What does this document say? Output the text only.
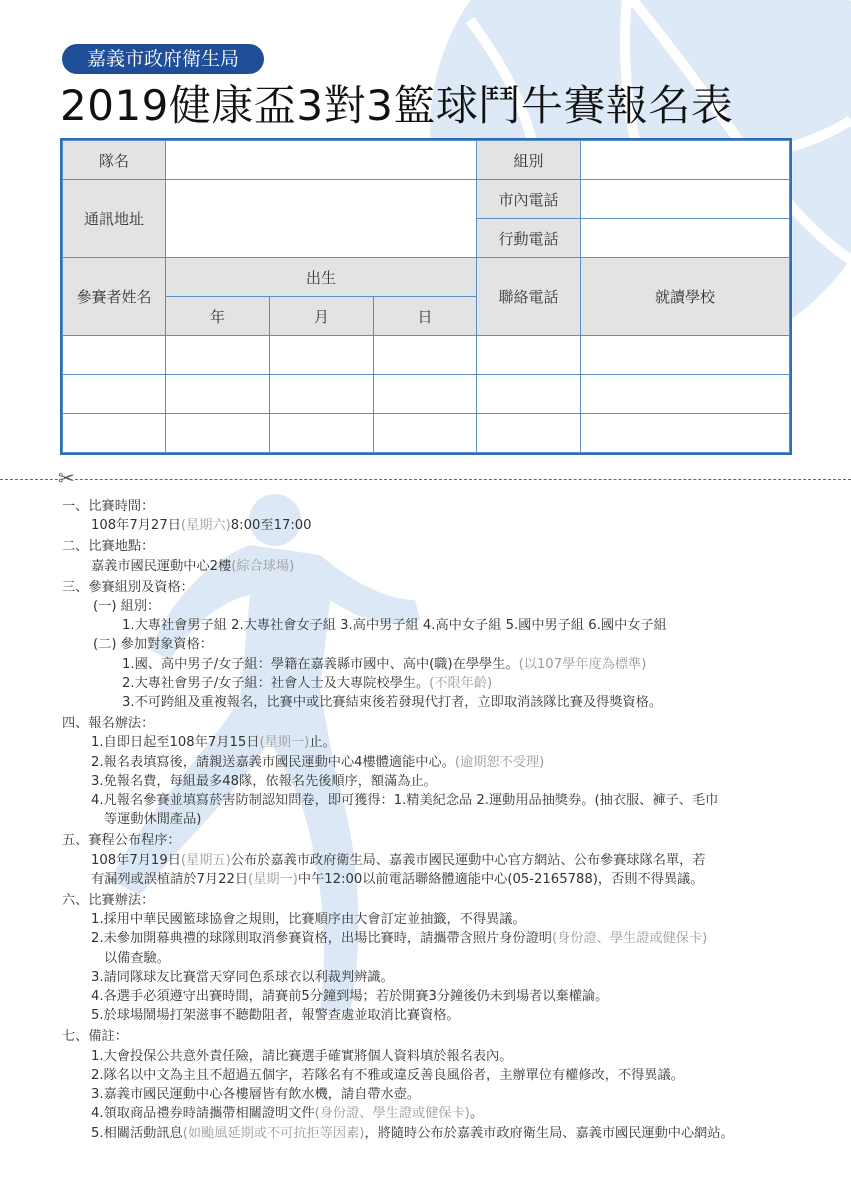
嘉義市政府衛生局
2019健康盃3對3籃球鬥牛賽報名表
隊名				組別	
通訊地址				市內電話	
				行動電話	
參賽者姓名	出生			聯絡電話	就讀學校
	年	月	日		

✂
一、比賽時間：
108年7月27日(星期六)8:00至17:00
二、比賽地點：
嘉義市國民運動中心2樓(綜合球場)
三、參賽組別及資格：
(一) 組別：
1.大專社會男子組 2.大專社會女子組 3.高中男子組 4.高中女子組 5.國中男子組 6.國中女子組
(二) 參加對象資格：
1.國、高中男子/女子組：學籍在嘉義縣市國中、高中(職)在學學生。(以107學年度為標準)
2.大專社會男子/女子組：社會人士及大專院校學生。(不限年齡)
3.不可跨組及重複報名，比賽中或比賽結束後若發現代打者，立即取消該隊比賽及得獎資格。
四、報名辦法：
1.自即日起至108年7月15日(星期一)止。
2.報名表填寫後，請親送嘉義市國民運動中心4樓體適能中心。(逾期恕不受理)
3.免報名費，每組最多48隊，依報名先後順序，額滿為止。
4.凡報名參賽並填寫菸害防制認知問卷，即可獲得：1.精美紀念品 2.運動用品抽獎券。(抽衣服、褲子、毛巾
等運動休閒產品)
五、賽程公布程序：
108年7月19日(星期五)公布於嘉義市政府衛生局、嘉義市國民運動中心官方網站、公布參賽球隊名單，若
有漏列或誤植請於7月22日(星期一)中午12:00以前電話聯絡體適能中心(05-2165788)，否則不得異議。
六、比賽辦法：
1.採用中華民國籃球協會之規則，比賽順序由大會訂定並抽籤，不得異議。
2.未參加開幕典禮的球隊則取消參賽資格，出場比賽時，請攜帶含照片身份證明(身份證、學生證或健保卡)
以備查驗。
3.請同隊球友比賽當天穿同色系球衣以利裁判辨識。
4.各選手必須遵守出賽時間，請賽前5分鐘到場；若於開賽3分鐘後仍未到場者以棄權論。
5.於球場鬧場打架滋事不聽勸阻者，報警查處並取消比賽資格。
七、備註：
1.大會投保公共意外責任險，請比賽選手確實將個人資料填於報名表內。
2.隊名以中文為主且不超過五個字，若隊名有不雅或違反善良風俗者，主辦單位有權修改，不得異議。
3.嘉義市國民運動中心各樓層皆有飲水機，請自帶水壺。
4.領取商品禮券時請攜帶相關證明文件(身份證、學生證或健保卡)。
5.相關活動訊息(如颱風延期或不可抗拒等因素)，將隨時公布於嘉義市政府衛生局、嘉義市國民運動中心網站。
